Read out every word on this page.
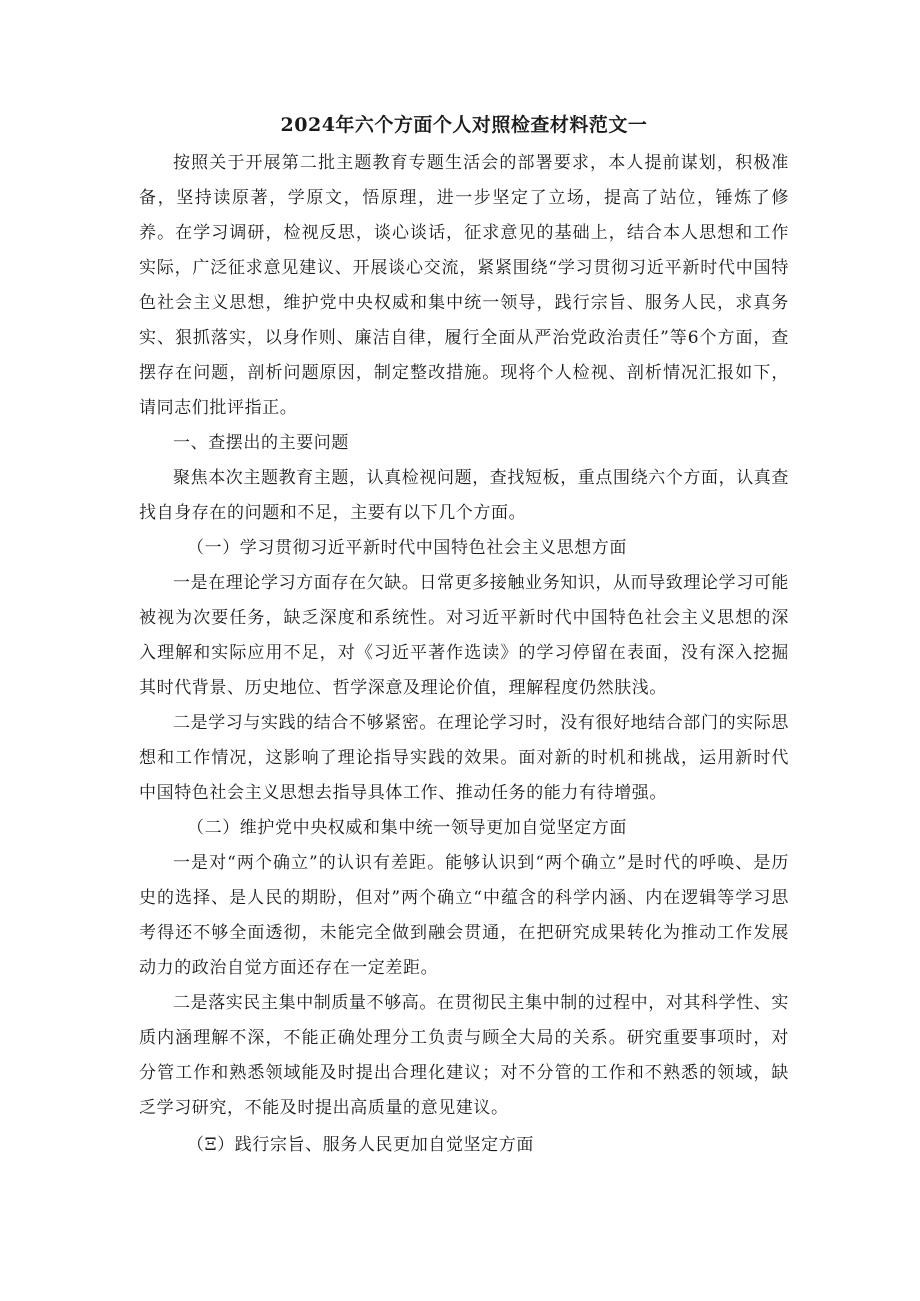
2024年六个方面个人对照检查材料范文一

按照关于开展第二批主题教育专题生活会的部署要求，本人提前谋划，积极准备，坚持读原著，学原文，悟原理，进一步坚定了立场，提高了站位，锤炼了修养。在学习调研，检视反思，谈心谈话，征求意见的基础上，结合本人思想和工作实际，广泛征求意见建议、开展谈心交流，紧紧围绕“学习贯彻习近平新时代中国特色社会主义思想，维护党中央权威和集中统一领导，践行宗旨、服务人民，求真务实、狠抓落实，以身作则、廉洁自律，履行全面从严治党政治责任”等6个方面，查摆存在问题，剖析问题原因，制定整改措施。现将个人检视、剖析情况汇报如下，请同志们批评指正。

一、查摆出的主要问题

聚焦本次主题教育主题，认真检视问题，查找短板，重点围绕六个方面，认真查找自身存在的问题和不足，主要有以下几个方面。

（一）学习贯彻习近平新时代中国特色社会主义思想方面

一是在理论学习方面存在欠缺。日常更多接触业务知识，从而导致理论学习可能被视为次要任务，缺乏深度和系统性。对习近平新时代中国特色社会主义思想的深入理解和实际应用不足，对《习近平著作选读》的学习停留在表面，没有深入挖掘其时代背景、历史地位、哲学深意及理论价值，理解程度仍然肤浅。

二是学习与实践的结合不够紧密。在理论学习时，没有很好地结合部门的实际思想和工作情况，这影响了理论指导实践的效果。面对新的时机和挑战，运用新时代中国特色社会主义思想去指导具体工作、推动任务的能力有待增强。

（二）维护党中央权威和集中统一领导更加自觉坚定方面

一是对“两个确立”的认识有差距。能够认识到“两个确立”是时代的呼唤、是历史的选择、是人民的期盼，但对”两个确立“中蕴含的科学内涵、内在逻辑等学习思考得还不够全面透彻，未能完全做到融会贯通，在把研究成果转化为推动工作发展动力的政治自觉方面还存在一定差距。

二是落实民主集中制质量不够高。在贯彻民主集中制的过程中，对其科学性、实质内涵理解不深，不能正确处理分工负责与顾全大局的关系。研究重要事项时，对分管工作和熟悉领域能及时提出合理化建议；对不分管的工作和不熟悉的领域，缺乏学习研究，不能及时提出高质量的意见建议。

（Ξ）践行宗旨、服务人民更加自觉坚定方面
